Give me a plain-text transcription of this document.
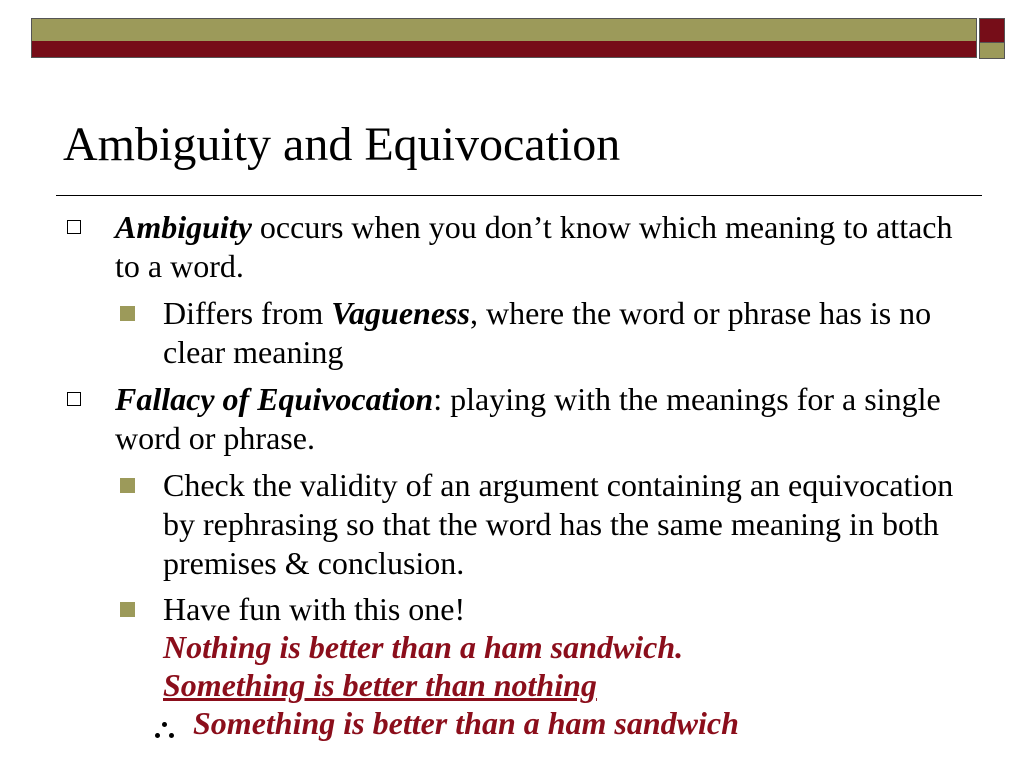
Ambiguity and Equivocation
Ambiguity occurs when you don’t know which meaning to attach to a word.
Differs from Vagueness, where the word or phrase has is no clear meaning
Fallacy of Equivocation: playing with the meanings for a single word or phrase.
Check the validity of an argument containing an equivocation by rephrasing so that the word has the same meaning in both premises & conclusion.
Have fun with this one!
Nothing is better than a ham sandwich.
Something is better than nothing
Something is better than a ham sandwich
